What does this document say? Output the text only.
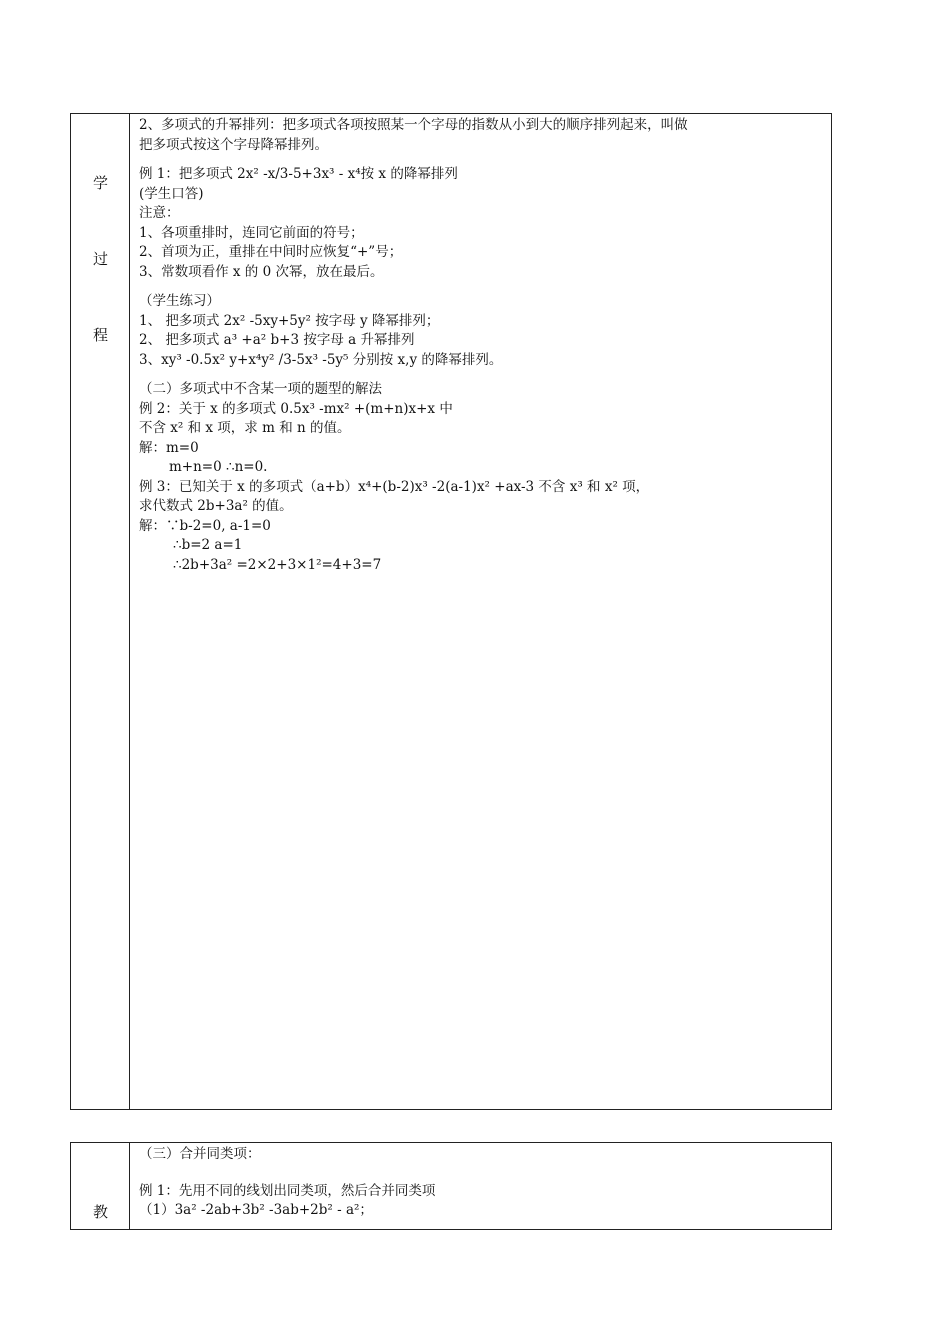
学
过
程
2、多项式的升幂排列：把多项式各项按照某一个字母的指数从小到大的顺序排列起来，叫做
把多项式按这个字母降幂排列。
例 1：把多项式 2x² -x/3-5+3x³ - x⁴按 x 的降幂排列
(学生口答)
注意：
1、各项重排时，连同它前面的符号；
2、首项为正，重排在中间时应恢复“+”号；
3、常数项看作 x 的 0 次幂，放在最后。
（学生练习）
1、 把多项式 2x² -5xy+5y² 按字母 y 降幂排列；
2、 把多项式 a³ +a² b+3 按字母 a 升幂排列
3、xy³ -0.5x² y+x⁴y² /3-5x³ -5y⁵ 分别按 x,y 的降幂排列。
（二）多项式中不含某一项的题型的解法
例 2：关于 x 的多项式 0.5x³ -mx² +(m+n)x+x 中
不含 x² 和 x 项，求 m 和 n 的值。
解：m=0
m+n=0 ∴n=0.
例 3：已知关于 x 的多项式（a+b）x⁴+(b-2)x³ -2(a-1)x² +ax-3 不含 x³ 和 x² 项，
求代数式 2b+3a² 的值。
解：∵b-2=0, a-1=0
∴b=2 a=1
∴2b+3a² =2×2+3×1²=4+3=7
教
（三）合并同类项：
例 1：先用不同的线划出同类项，然后合并同类项
（1）3a² -2ab+3b² -3ab+2b² - a²；
